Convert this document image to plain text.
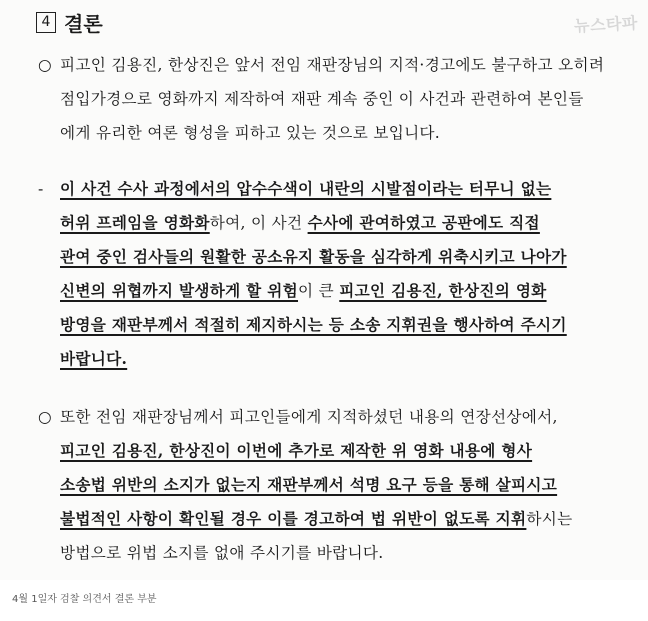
뉴스타파
4 결론
○ 피고인 김용진, 한상진은 앞서 전임 재판장님의 지적·경고에도 불구하고 오히려
점입가경으로 영화까지 제작하여 재판 계속 중인 이 사건과 관련하여 본인들
에게 유리한 여론 형성을 피하고 있는 것으로 보입니다.
- 이 사건 수사 과정에서의 압수수색이 내란의 시발점이라는 터무니 없는
허위 프레임을 영화화하여, 이 사건 수사에 관여하였고 공판에도 직접
관여 중인 검사들의 원활한 공소유지 활동을 심각하게 위축시키고 나아가
신변의 위협까지 발생하게 할 위험이 큰 피고인 김용진, 한상진의 영화
방영을 재판부께서 적절히 제지하시는 등 소송 지휘권을 행사하여 주시기
바랍니다.
○ 또한 전임 재판장님께서 피고인들에게 지적하셨던 내용의 연장선상에서,
피고인 김용진, 한상진이 이번에 추가로 제작한 위 영화 내용에 형사
소송법 위반의 소지가 없는지 재판부께서 석명 요구 등을 통해 살피시고
불법적인 사항이 확인될 경우 이를 경고하여 법 위반이 없도록 지휘하시는
방법으로 위법 소지를 없애 주시기를 바랍니다.
4월 1일자 검찰 의견서 결론 부분
